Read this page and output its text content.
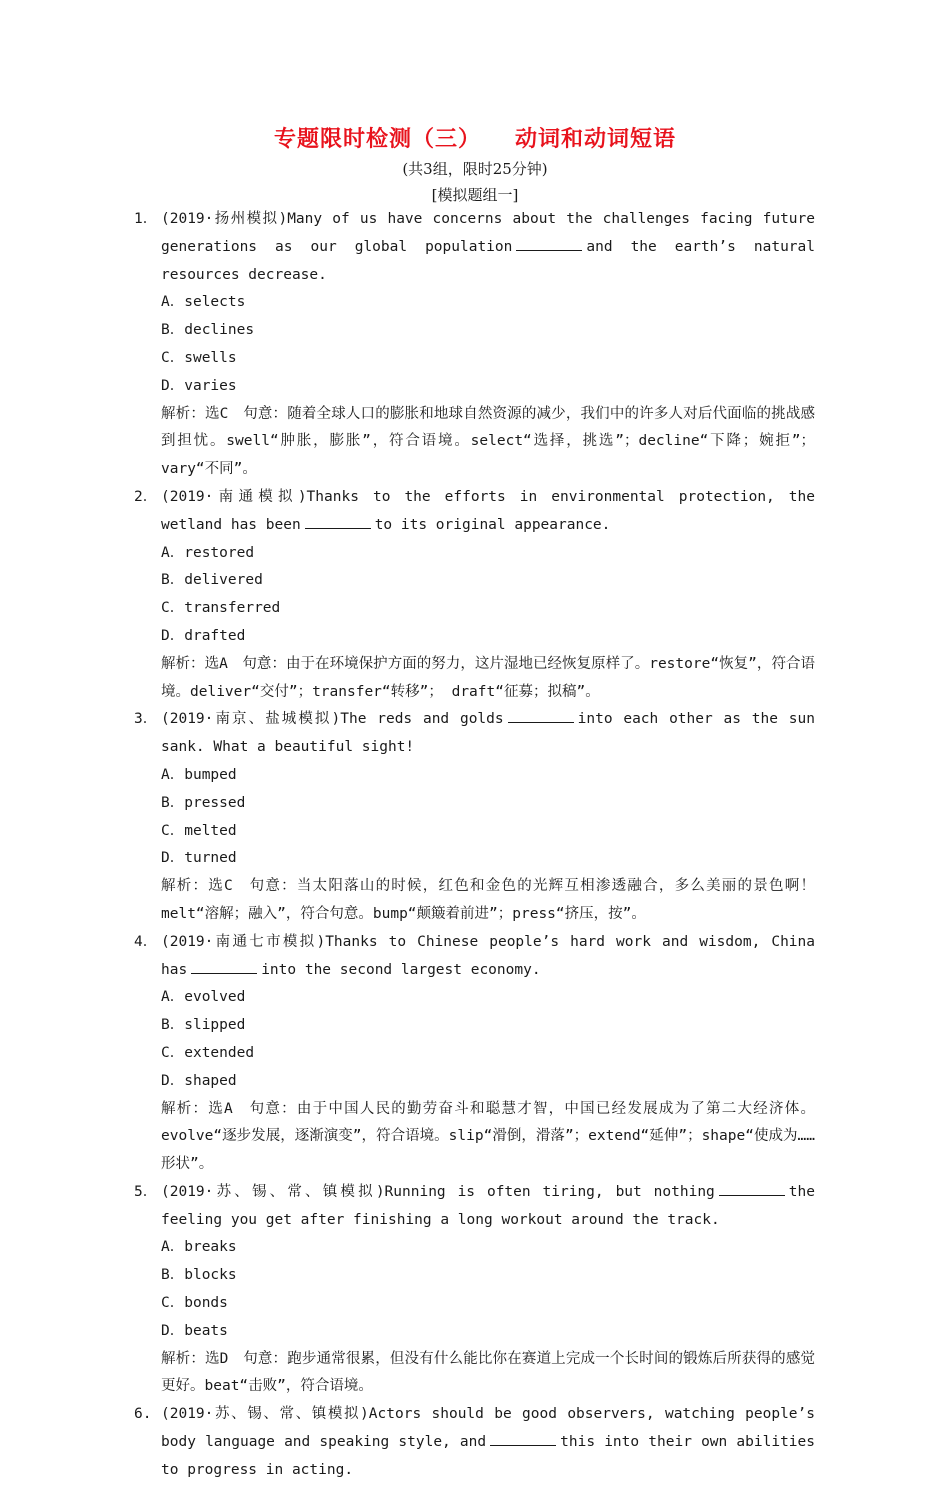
专题限时检测（三） 动词和动词短语
(共3组，限时25分钟)
[模拟题组一]
1． (2019·扬州模拟)Many of us have concerns about the challenges facing future generations as our global population	and the earth’s natural resources decrease.
A．selects
B．declines
C．swells
D．varies
解析：选C　句意：随着全球人口的膨胀和地球自然资源的减少，我们中的许多人对后代面临的挑战感到担忧。swell“肿胀，膨胀”，符合语境。select“选择，挑选”；decline“下降；婉拒”；vary“不同”。
2． (2019·南通模拟)Thanks to the efforts in environmental protection, the wetland has been	to its original appearance.
A．restored
B．delivered
C．transferred
D．drafted
解析：选A　句意：由于在环境保护方面的努力，这片湿地已经恢复原样了。restore“恢复”，符合语境。deliver“交付”；transfer“转移”； draft“征募；拟稿”。
3． (2019·南京、盐城模拟)The reds and golds	into each other as the sun sank. What a beautiful sight!
A．bumped
B．pressed
C．melted
D．turned
解析：选C　句意：当太阳落山的时候，红色和金色的光辉互相渗透融合，多么美丽的景色啊！melt“溶解；融入”，符合句意。bump“颠簸着前进”；press“挤压，按”。
4． (2019·南通七市模拟)Thanks to Chinese people’s hard work and wisdom, China has	into the second largest economy.
A．evolved
B．slipped
C．extended
D．shaped
解析：选A　句意：由于中国人民的勤劳奋斗和聪慧才智，中国已经发展成为了第二大经济体。evolve“逐步发展，逐渐演变”，符合语境。slip“滑倒，滑落”；extend“延伸”；shape“使成为……形状”。
5． (2019·苏、锡、常、镇模拟)Running is often tiring, but nothing	the feeling you get after finishing a long workout around the track.
A．breaks
B．blocks
C．bonds
D．beats
解析：选D　句意：跑步通常很累，但没有什么能比你在赛道上完成一个长时间的锻炼后所获得的感觉更好。beat“击败”，符合语境。
6. (2019·苏、锡、常、镇模拟)Actors should be good observers, watching people’s body language and speaking style, and	this into their own abilities to progress in acting.
